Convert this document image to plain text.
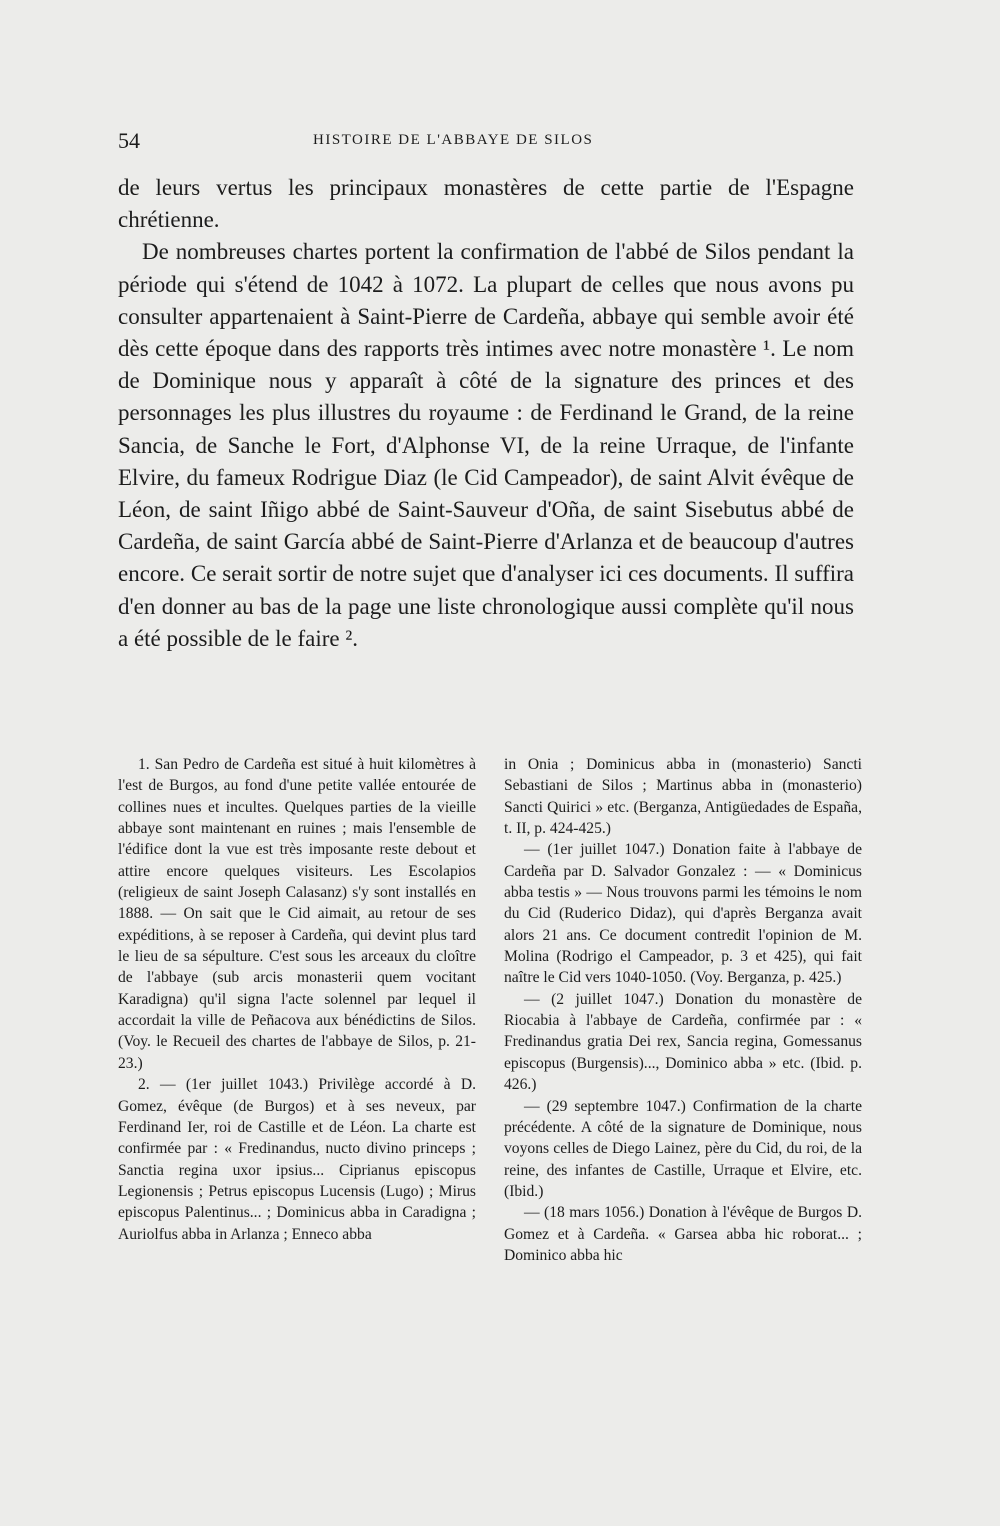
54	HISTOIRE DE L'ABBAYE DE SILOS

de leurs vertus les principaux monastères de cette partie de l'Espagne chrétienne.

De nombreuses chartes portent la confirmation de l'abbé de Silos pendant la période qui s'étend de 1042 à 1072. La plupart de celles que nous avons pu consulter appartenaient à Saint-Pierre de Cardeña, abbaye qui semble avoir été dès cette époque dans des rapports très intimes avec notre monastère ¹. Le nom de Dominique nous y apparaît à côté de la signature des princes et des personnages les plus illustres du royaume : de Ferdinand le Grand, de la reine Sancia, de Sanche le Fort, d'Alphonse VI, de la reine Urraque, de l'infante Elvire, du fameux Rodrigue Diaz (le Cid Campeador), de saint Alvit évêque de Léon, de saint Iñigo abbé de Saint-Sauveur d'Oña, de saint Sisebutus abbé de Cardeña, de saint García abbé de Saint-Pierre d'Arlanza et de beaucoup d'autres encore. Ce serait sortir de notre sujet que d'analyser ici ces documents. Il suffira d'en donner au bas de la page une liste chronologique aussi complète qu'il nous a été possible de le faire ².

1. San Pedro de Cardeña est situé à huit kilomètres à l'est de Burgos, au fond d'une petite vallée entourée de collines nues et incultes. Quelques parties de la vieille abbaye sont maintenant en ruines ; mais l'ensemble de l'édifice dont la vue est très imposante reste debout et attire encore quelques visiteurs. Les Escolapios (religieux de saint Joseph Calasanz) s'y sont installés en 1888. — On sait que le Cid aimait, au retour de ses expéditions, à se reposer à Cardeña, qui devint plus tard le lieu de sa sépulture. C'est sous les arceaux du cloître de l'abbaye (sub arcis monasterii quem vocitant Karadigna) qu'il signa l'acte solennel par lequel il accordait la ville de Peñacova aux bénédictins de Silos. (Voy. le Recueil des chartes de l'abbaye de Silos, p. 21-23.)

2. — (1er juillet 1043.) Privilège accordé à D. Gomez, évêque (de Burgos) et à ses neveux, par Ferdinand Ier, roi de Castille et de Léon. La charte est confirmée par : « Fredinandus, nucto divino princeps ; Sanctia regina uxor ipsius... Ciprianus episcopus Legionensis ; Petrus episcopus Lucensis (Lugo) ; Mirus episcopus Palentinus... ; Dominicus abba in Caradigna ; Auriolfus abba in Arlanza ; Enneco abba

in Onia ; Dominicus abba in (monasterio) Sancti Sebastiani de Silos ; Martinus abba in (monasterio) Sancti Quirici » etc. (Berganza, Antigüedades de España, t. II, p. 424-425.)

— (1er juillet 1047.) Donation faite à l'abbaye de Cardeña par D. Salvador Gonzalez : — « Dominicus abba testis » — Nous trouvons parmi les témoins le nom du Cid (Ruderico Didaz), qui d'après Berganza avait alors 21 ans. Ce document contredit l'opinion de M. Molina (Rodrigo el Campeador, p. 3 et 425), qui fait naître le Cid vers 1040-1050. (Voy. Berganza, p. 425.)

— (2 juillet 1047.) Donation du monastère de Riocabia à l'abbaye de Cardeña, confirmée par : « Fredinandus gratia Dei rex, Sancia regina, Gomessanus episcopus (Burgensis)..., Dominico abba » etc. (Ibid. p. 426.)

— (29 septembre 1047.) Confirmation de la charte précédente. A côté de la signature de Dominique, nous voyons celles de Diego Lainez, père du Cid, du roi, de la reine, des infantes de Castille, Urraque et Elvire, etc. (Ibid.)

— (18 mars 1056.) Donation à l'évêque de Burgos D. Gomez et à Cardeña. « Garsea abba hic roborat... ; Dominico abba hic
